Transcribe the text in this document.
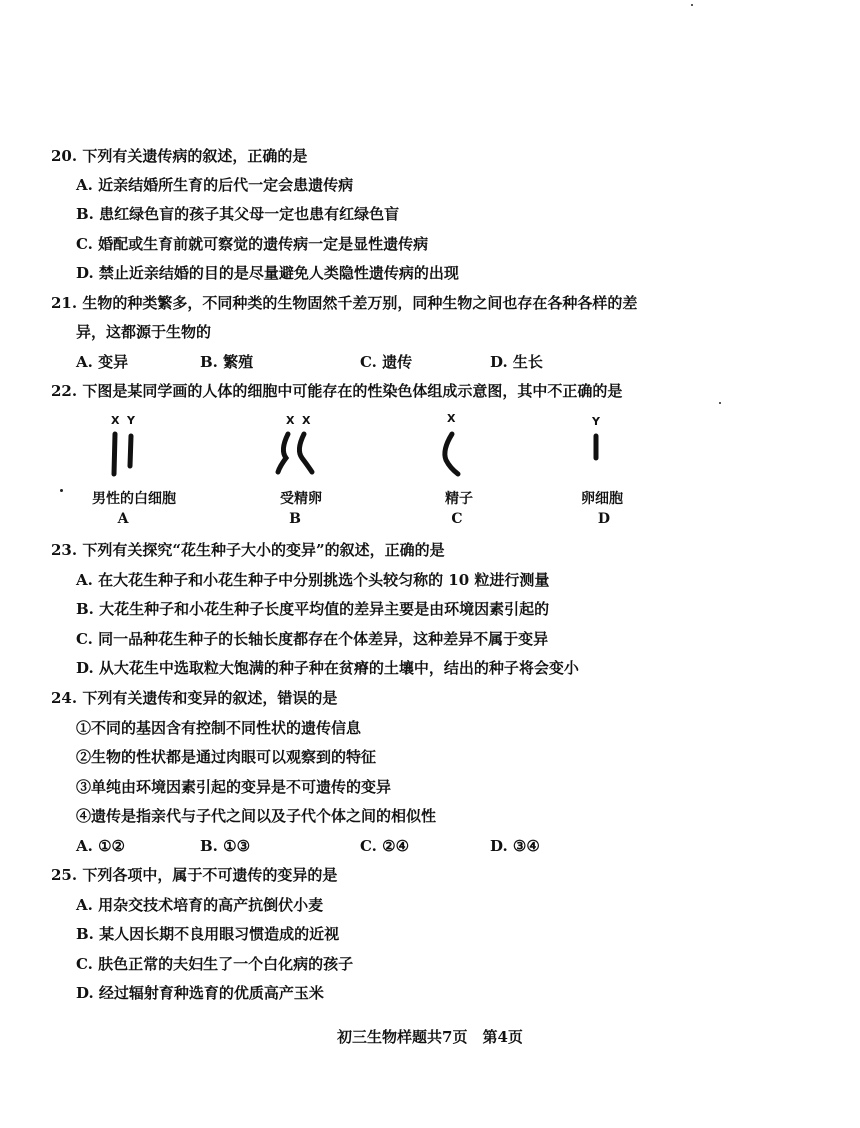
20. 下列有关遗传病的叙述，正确的是
A. 近亲结婚所生育的后代一定会患遗传病
B. 患红绿色盲的孩子其父母一定也患有红绿色盲
C. 婚配或生育前就可察觉的遗传病一定是显性遗传病
D. 禁止近亲结婚的目的是尽量避免人类隐性遗传病的出现
21. 生物的种类繁多，不同种类的生物固然千差万别，同种生物之间也存在各种各样的差
异，这都源于生物的
A. 变异	B. 繁殖	C. 遗传	D. 生长
22. 下图是某同学画的人体的细胞中可能存在的性染色体组成示意图，其中不正确的是
X Y
男性的白细胞
A
X X
受精卵
B
X
精子
C
Y
卵细胞
D
23. 下列有关探究“花生种子大小的变异”的叙述，正确的是
A. 在大花生种子和小花生种子中分别挑选个头较匀称的 10 粒进行测量
B. 大花生种子和小花生种子长度平均值的差异主要是由环境因素引起的
C. 同一品种花生种子的长轴长度都存在个体差异，这种差异不属于变异
D. 从大花生中选取粒大饱满的种子种在贫瘠的土壤中，结出的种子将会变小
24. 下列有关遗传和变异的叙述，错误的是
①不同的基因含有控制不同性状的遗传信息
②生物的性状都是通过肉眼可以观察到的特征
③单纯由环境因素引起的变异是不可遗传的变异
④遗传是指亲代与子代之间以及子代个体之间的相似性
A. ①②	B. ①③	C. ②④	D. ③④
25. 下列各项中，属于不可遗传的变异的是
A. 用杂交技术培育的高产抗倒伏小麦
B. 某人因长期不良用眼习惯造成的近视
C. 肤色正常的夫妇生了一个白化病的孩子
D. 经过辐射育种选育的优质高产玉米
初三生物样题共7页　第4页
